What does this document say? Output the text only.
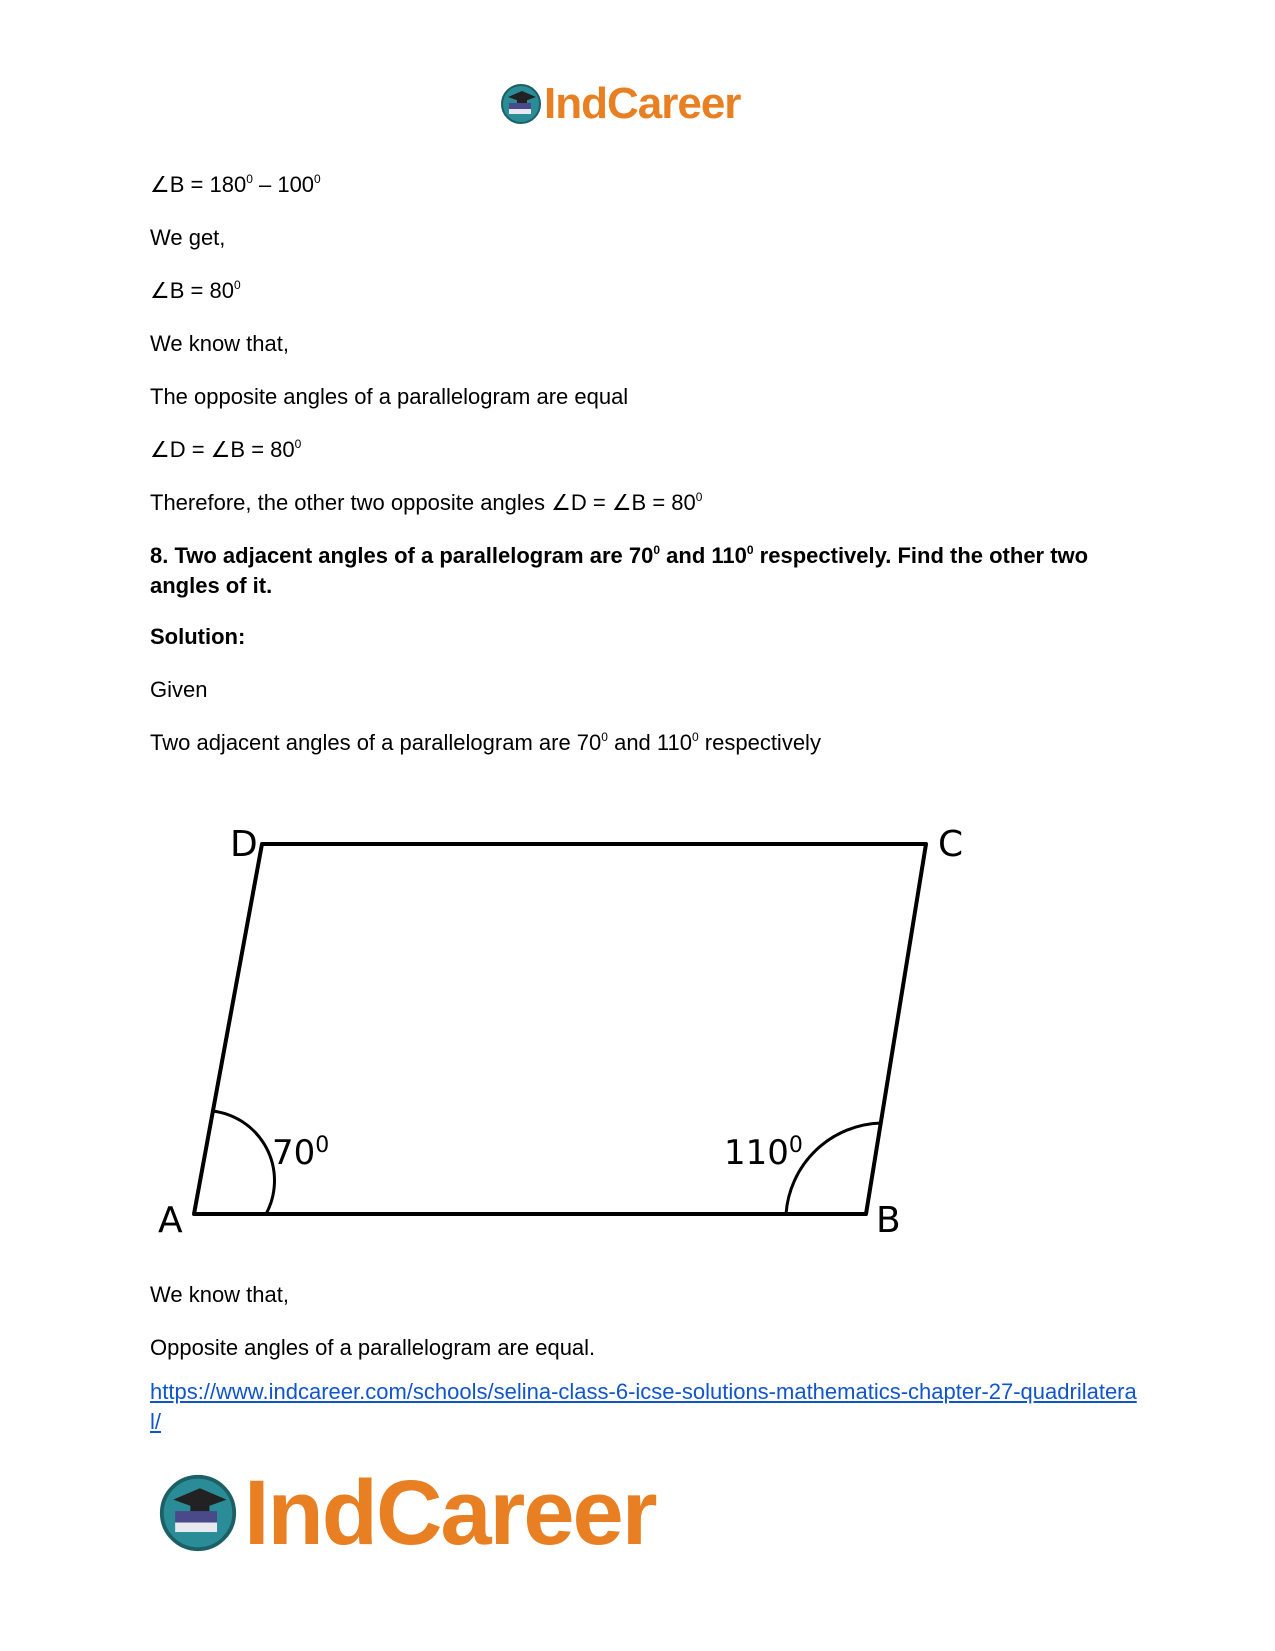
IndCareer
∠B = $180^0 - 100^0$
We get,
∠B = $80^0$
We know that,
The opposite angles of a parallelogram are equal
∠D = ∠B = $80^0$
Therefore, the other two opposite angles ∠D = ∠B = $80^0$
8. Two adjacent angles of a parallelogram are $70^0$ and $110^0$ respectively. Find the other two angles of it.
Solution:
Given
Two adjacent angles of a parallelogram are $70^0$ and $110^0$ respectively
D	C
A	B
$70^0$	$110^0$
We know that,
Opposite angles of a parallelogram are equal.
https://www.indcareer.com/schools/selina-class-6-icse-solutions-mathematics-chapter-27-quadrilateral/
IndCareer
